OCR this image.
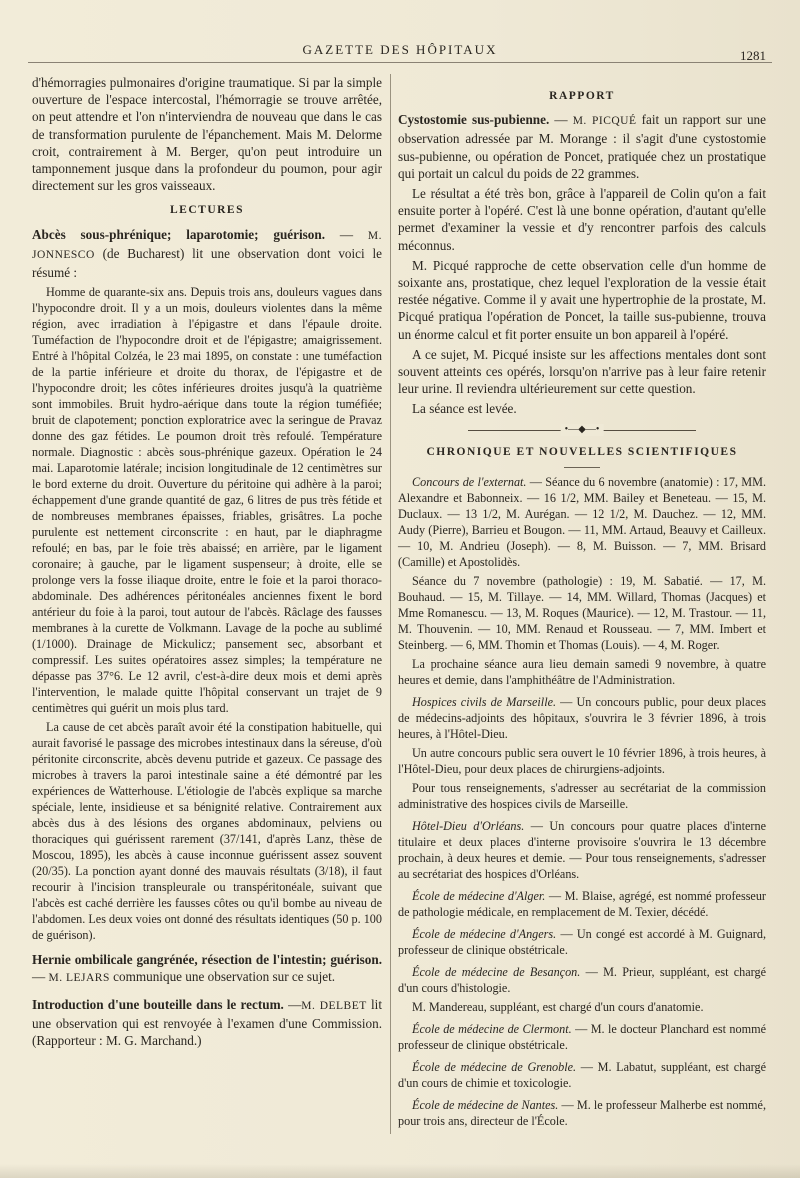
GAZETTE DES HÔPITAUX	1281

d'hémorragies pulmonaires d'origine traumatique. Si par la simple ouverture de l'espace intercostal, l'hémorragie se trouve arrêtée, on peut attendre et l'on n'interviendra de nouveau que dans le cas de transformation purulente de l'épanchement. Mais M. Delorme croit, contrairement à M. Berger, qu'on peut introduire un tamponnement jusque dans la profondeur du poumon, pour agir directement sur les gros vaisseaux.

LECTURES

Abcès sous-phrénique; laparotomie; guérison. — M. JONNESCO (de Bucharest) lit une observation dont voici le résumé :

Homme de quarante-six ans. Depuis trois ans, douleurs vagues dans l'hypocondre droit. Il y a un mois, douleurs violentes dans la même région, avec irradiation à l'épigastre et dans l'épaule droite. Tuméfaction de l'hypocondre droit et de l'épigastre; amaigrissement. Entré à l'hôpital Colzéa, le 23 mai 1895, on constate : une tuméfaction de la partie inférieure et droite du thorax, de l'épigastre et de l'hypocondre droit; les côtes inférieures droites jusqu'à la quatrième sont immobiles. Bruit hydro-aérique dans toute la région tuméfiée; bruit de clapotement; ponction exploratrice avec la seringue de Pravaz donne des gaz fétides. Le poumon droit très refoulé. Température normale. Diagnostic : abcès sous-phrénique gazeux. Opération le 24 mai. Laparotomie latérale; incision longitudinale de 12 centimètres sur le bord externe du droit. Ouverture du péritoine qui adhère à la paroi; échappement d'une grande quantité de gaz, 6 litres de pus très fétide et de nombreuses membranes épaisses, friables, grisâtres. La poche purulente est nettement circonscrite : en haut, par le diaphragme refoulé; en bas, par le foie très abaissé; en arrière, par le ligament coronaire; à gauche, par le ligament suspenseur; à droite, elle se prolonge vers la fosse iliaque droite, entre le foie et la paroi thoraco-abdominale. Des adhérences péritonéales anciennes fixent le bord antérieur du foie à la paroi, tout autour de l'abcès. Râclage des fausses membranes à la curette de Volkmann. Lavage de la poche au sublimé (1/1000). Drainage de Mickulicz; pansement sec, absorbant et compressif. Les suites opératoires assez simples; la température ne dépasse pas 37°6. Le 12 avril, c'est-à-dire deux mois et demi après l'intervention, le malade quitte l'hôpital conservant un trajet de 9 centimètres qui guérit un mois plus tard.

La cause de cet abcès paraît avoir été la constipation habituelle, qui aurait favorisé le passage des microbes intestinaux dans la séreuse, d'où péritonite circonscrite, abcès devenu putride et gazeux. Ce passage des microbes à travers la paroi intestinale saine a été démontré par les expériences de Watterhouse. L'étiologie de l'abcès explique sa marche spéciale, lente, insidieuse et sa bénignité relative. Contrairement aux abcès dus à des lésions des organes abdominaux, pelviens ou thoraciques qui guérissent rarement (37/141, d'après Lanz, thèse de Moscou, 1895), les abcès à cause inconnue guérissent assez souvent (20/35). La ponction ayant donné des mauvais résultats (3/18), il faut recourir à l'incision transpleurale ou transpéritonéale, suivant que l'abcès est caché derrière les fausses côtes ou qu'il bombe au niveau de l'abdomen. Les deux voies ont donné des résultats identiques (50 p. 100 de guérison).

Hernie ombilicale gangrénée, résection de l'intestin; guérison. — M. LEJARS communique une observation sur ce sujet.

Introduction d'une bouteille dans le rectum. —M. DELBET lit une observation qui est renvoyée à l'examen d'une Commission. (Rapporteur : M. G. Marchand.)

RAPPORT

Cystostomie sus-pubienne. — M. PICQUÉ fait un rapport sur une observation adressée par M. Morange : il s'agit d'une cystostomie sus-pubienne, ou opération de Poncet, pratiquée chez un prostatique qui portait un calcul du poids de 22 grammes.

Le résultat a été très bon, grâce à l'appareil de Colin qu'on a fait ensuite porter à l'opéré. C'est là une bonne opération, d'autant qu'elle permet d'examiner la vessie et d'y rencontrer parfois des calculs méconnus.

M. Picqué rapproche de cette observation celle d'un homme de soixante ans, prostatique, chez lequel l'exploration de la vessie était restée négative. Comme il y avait une hypertrophie de la prostate, M. Picqué pratiqua l'opération de Poncet, la taille sus-pubienne, trouva un énorme calcul et fit porter ensuite un bon appareil à l'opéré.

A ce sujet, M. Picqué insiste sur les affections mentales dont sont souvent atteints ces opérés, lorsqu'on n'arrive pas à leur faire retenir leur urine. Il reviendra ultérieurement sur cette question.

La séance est levée.

•—◆—•
CHRONIQUE ET NOUVELLES SCIENTIFIQUES

Concours de l'externat. — Séance du 6 novembre (anatomie) : 17, MM. Alexandre et Babonneix. — 16 1/2, MM. Bailey et Beneteau. — 15, M. Duclaux. — 13 1/2, M. Aurégan. — 12 1/2, M. Dauchez. — 12, MM. Audy (Pierre), Barrieu et Bougon. — 11, MM. Artaud, Beauvy et Cailleux. — 10, M. Andrieu (Joseph). — 8, M. Buisson. — 7, MM. Brisard (Camille) et Apostolidès.

Séance du 7 novembre (pathologie) : 19, M. Sabatié. — 17, M. Bouhaud. — 15, M. Tillaye. — 14, MM. Willard, Thomas (Jacques) et Mme Romanescu. — 13, M. Roques (Maurice). — 12, M. Trastour. — 11, M. Thouvenin. — 10, MM. Renaud et Rousseau. — 7, MM. Imbert et Steinberg. — 6, MM. Thomin et Thomas (Louis). — 4, M. Roger.

La prochaine séance aura lieu demain samedi 9 novembre, à quatre heures et demie, dans l'amphithéâtre de l'Administration.

Hospices civils de Marseille. — Un concours public, pour deux places de médecins-adjoints des hôpitaux, s'ouvrira le 3 février 1896, à trois heures, à l'Hôtel-Dieu.

Un autre concours public sera ouvert le 10 février 1896, à trois heures, à l'Hôtel-Dieu, pour deux places de chirurgiens-adjoints.

Pour tous renseignements, s'adresser au secrétariat de la commission administrative des hospices civils de Marseille.

Hôtel-Dieu d'Orléans. — Un concours pour quatre places d'interne titulaire et deux places d'interne provisoire s'ouvrira le 13 décembre prochain, à deux heures et demie. — Pour tous renseignements, s'adresser au secrétariat des hospices d'Orléans.

École de médecine d'Alger. — M. Blaise, agrégé, est nommé professeur de pathologie médicale, en remplacement de M. Texier, décédé.

École de médecine d'Angers. — Un congé est accordé à M. Guignard, professeur de clinique obstétricale.

École de médecine de Besançon. — M. Prieur, suppléant, est chargé d'un cours d'histologie.

M. Mandereau, suppléant, est chargé d'un cours d'anatomie.

École de médecine de Clermont. — M. le docteur Planchard est nommé professeur de clinique obstétricale.

École de médecine de Grenoble. — M. Labatut, suppléant, est chargé d'un cours de chimie et toxicologie.

École de médecine de Nantes. — M. le professeur Malherbe est nommé, pour trois ans, directeur de l'École.
